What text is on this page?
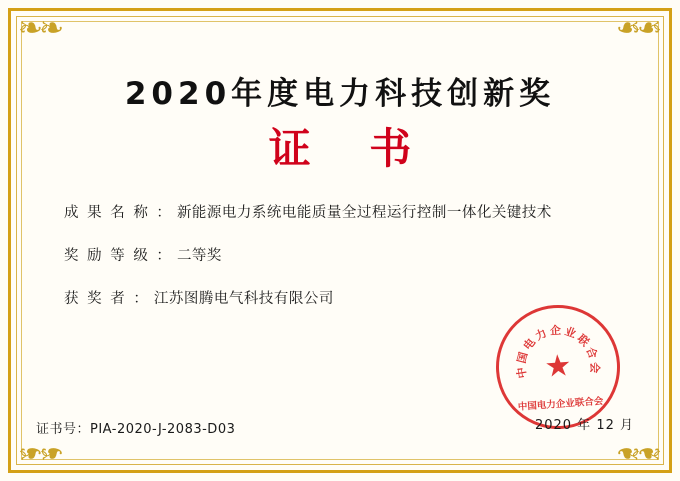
❧❧	❧❧
❧❧	❧❧
2020年度电力科技创新奖
证 书
成 果 名 称 ： 新能源电力系统电能质量全过程运行控制一体化关键技术
奖 励 等 级 ： 二等奖
获 奖 者 ： 江苏图腾电气科技有限公司
中
国
电
力 企 业
联
合
会
★
中国电力企业联合会
2020 年 12 月
证书号：PIA-2020-J-2083-D03
